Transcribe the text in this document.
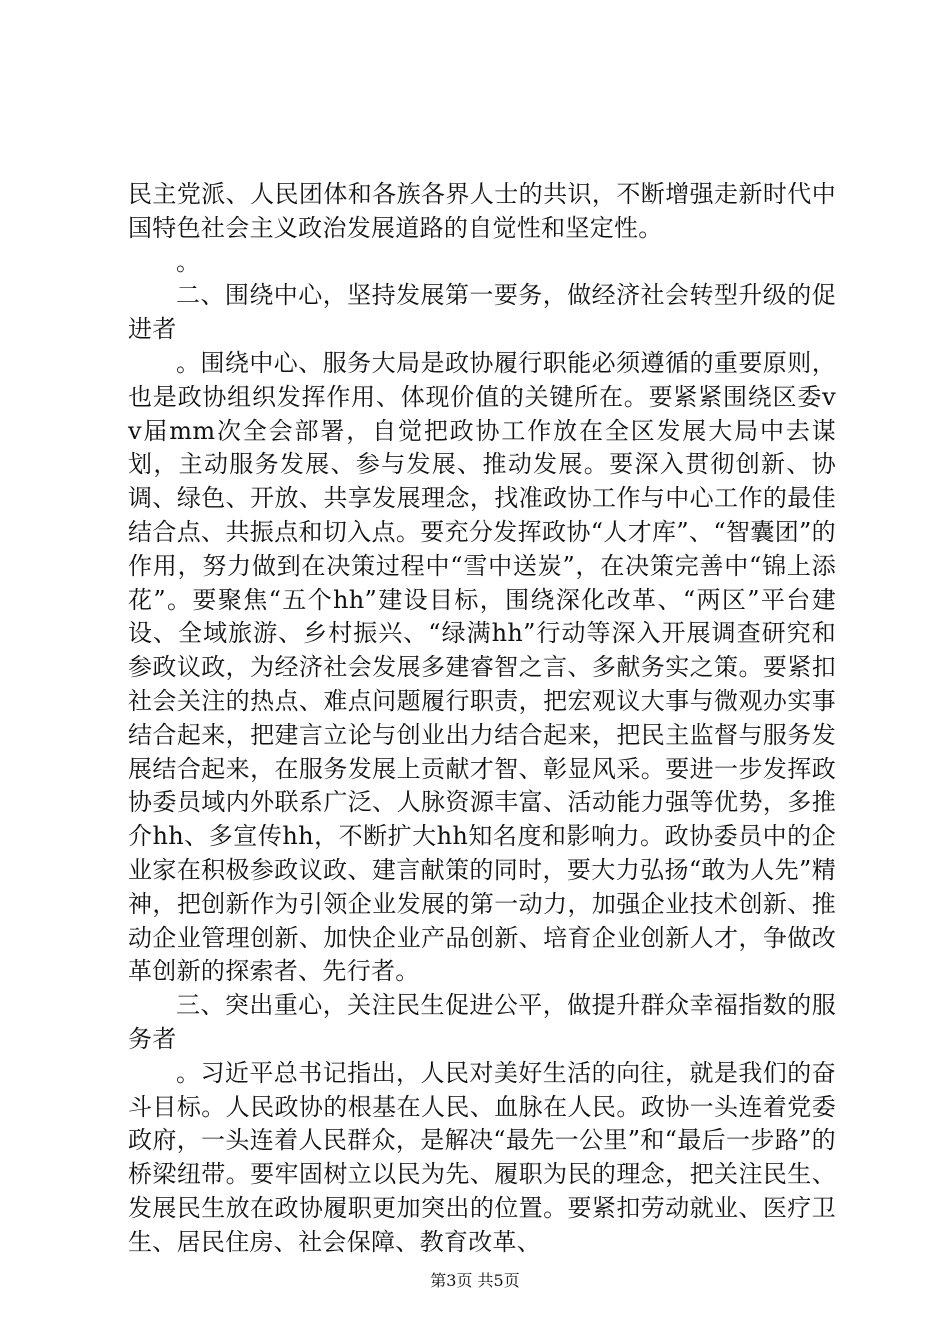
民主党派、人民团体和各族各界人士的共识，不断增强走新时代中国特色社会主义政治发展道路的自觉性和坚定性。

。

二、围绕中心，坚持发展第一要务，做经济社会转型升级的促进者

。围绕中心、服务大局是政协履行职能必须遵循的重要原则，也是政协组织发挥作用、体现价值的关键所在。要紧紧围绕区委vv届mm次全会部署，自觉把政协工作放在全区发展大局中去谋划，主动服务发展、参与发展、推动发展。要深入贯彻创新、协调、绿色、开放、共享发展理念，找准政协工作与中心工作的最佳结合点、共振点和切入点。要充分发挥政协“人才库”、“智囊团”的作用，努力做到在决策过程中“雪中送炭”，在决策完善中“锦上添花”。要聚焦“五个hh”建设目标，围绕深化改革、“两区”平台建设、全域旅游、乡村振兴、“绿满hh”行动等深入开展调查研究和参政议政，为经济社会发展多建睿智之言、多献务实之策。要紧扣社会关注的热点、难点问题履行职责，把宏观议大事与微观办实事结合起来，把建言立论与创业出力结合起来，把民主监督与服务发展结合起来，在服务发展上贡献才智、彰显风采。要进一步发挥政协委员域内外联系广泛、人脉资源丰富、活动能力强等优势，多推介hh、多宣传hh，不断扩大hh知名度和影响力。政协委员中的企业家在积极参政议政、建言献策的同时，要大力弘扬“敢为人先”精神，把创新作为引领企业发展的第一动力，加强企业技术创新、推动企业管理创新、加快企业产品创新、培育企业创新人才，争做改革创新的探索者、先行者。

三、突出重心，关注民生促进公平，做提升群众幸福指数的服务者

。习近平总书记指出，人民对美好生活的向往，就是我们的奋斗目标。人民政协的根基在人民、血脉在人民。政协一头连着党委政府，一头连着人民群众，是解决“最先一公里”和“最后一步路”的桥梁纽带。要牢固树立以民为先、履职为民的理念，把关注民生、发展民生放在政协履职更加突出的位置。要紧扣劳动就业、医疗卫生、居民住房、社会保障、教育改革、

第3页 共5页
